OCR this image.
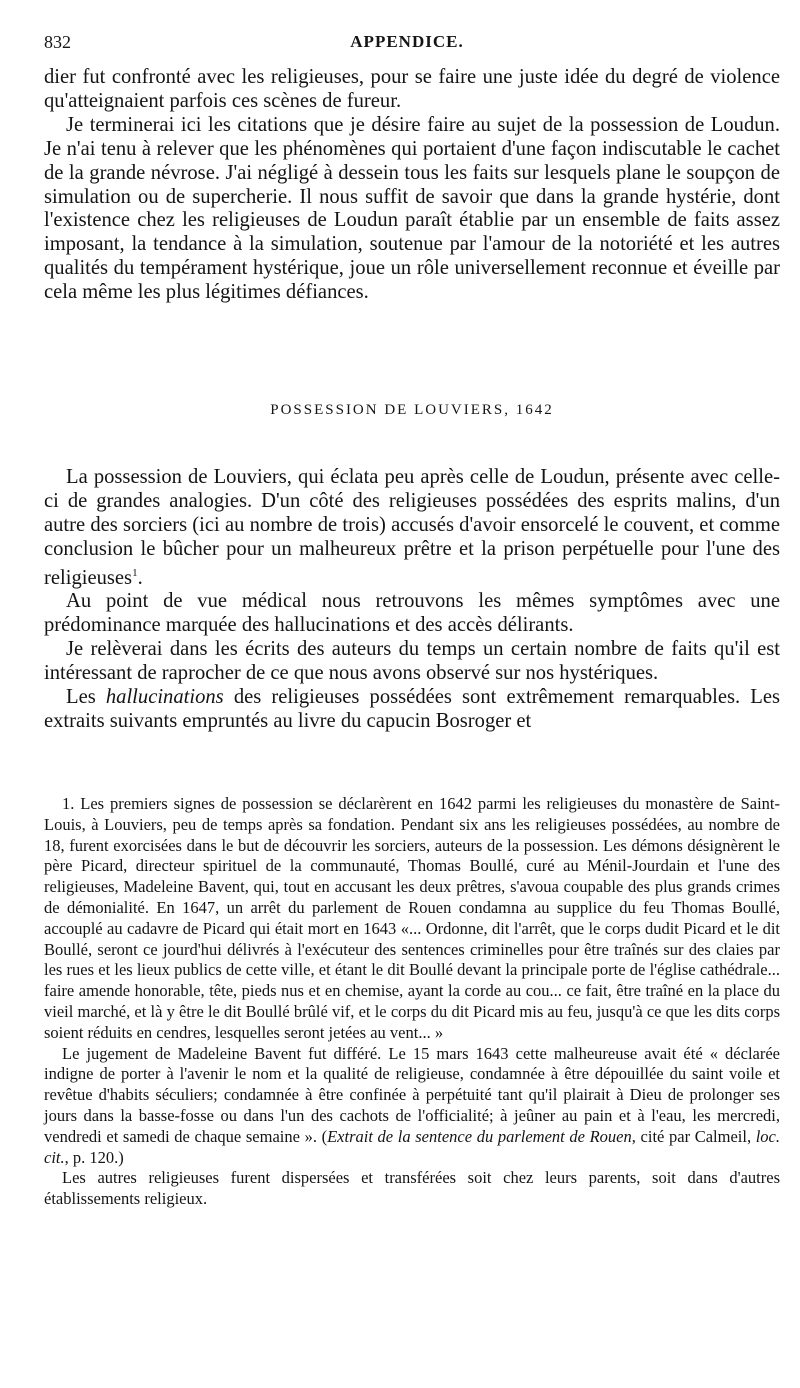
832	APPENDICE.

dier fut confronté avec les religieuses, pour se faire une juste idée du degré de violence qu'atteignaient parfois ces scènes de fureur.

Je terminerai ici les citations que je désire faire au sujet de la possession de Loudun. Je n'ai tenu à relever que les phénomènes qui portaient d'une façon indiscutable le cachet de la grande névrose. J'ai négligé à dessein tous les faits sur lesquels plane le soupçon de simulation ou de supercherie. Il nous suffit de savoir que dans la grande hystérie, dont l'existence chez les religieuses de Loudun paraît établie par un ensemble de faits assez imposant, la tendance à la simulation, soutenue par l'amour de la notoriété et les autres qualités du tempérament hystérique, joue un rôle universellement reconnue et éveille par cela même les plus légitimes défiances.

POSSESSION DE LOUVIERS, 1642

La possession de Louviers, qui éclata peu après celle de Loudun, présente avec celle-ci de grandes analogies. D'un côté des religieuses possédées des esprits malins, d'un autre des sorciers (ici au nombre de trois) accusés d'avoir ensorcelé le couvent, et comme conclusion le bûcher pour un malheureux prêtre et la prison perpétuelle pour l'une des religieuses$^1$.

Au point de vue médical nous retrouvons les mêmes symptômes avec une prédominance marquée des hallucinations et des accès délirants.

Je relèverai dans les écrits des auteurs du temps un certain nombre de faits qu'il est intéressant de raprocher de ce que nous avons observé sur nos hystériques.

Les hallucinations des religieuses possédées sont extrêmement remarquables. Les extraits suivants empruntés au livre du capucin Bosroger et

1. Les premiers signes de possession se déclarèrent en 1642 parmi les religieuses du monastère de Saint-Louis, à Louviers, peu de temps après sa fondation. Pendant six ans les religieuses possédées, au nombre de 18, furent exorcisées dans le but de découvrir les sorciers, auteurs de la possession. Les démons désignèrent le père Picard, directeur spirituel de la communauté, Thomas Boullé, curé au Ménil-Jourdain et l'une des religieuses, Madeleine Bavent, qui, tout en accusant les deux prêtres, s'avoua coupable des plus grands crimes de démonialité. En 1647, un arrêt du parlement de Rouen condamna au supplice du feu Thomas Boullé, accouplé au cadavre de Picard qui était mort en 1643 «... Ordonne, dit l'arrêt, que le corps dudit Picard et le dit Boullé, seront ce jourd'hui délivrés à l'exécuteur des sentences criminelles pour être traînés sur des claies par les rues et les lieux publics de cette ville, et étant le dit Boullé devant la principale porte de l'église cathédrale... faire amende honorable, tête, pieds nus et en chemise, ayant la corde au cou... ce fait, être traîné en la place du vieil marché, et là y être le dit Boullé brûlé vif, et le corps du dit Picard mis au feu, jusqu'à ce que les dits corps soient réduits en cendres, lesquelles seront jetées au vent... »

Le jugement de Madeleine Bavent fut différé. Le 15 mars 1643 cette malheureuse avait été « déclarée indigne de porter à l'avenir le nom et la qualité de religieuse, condamnée à être dépouillée du saint voile et revêtue d'habits séculiers; condamnée à être confinée à perpétuité tant qu'il plairait à Dieu de prolonger ses jours dans la basse-fosse ou dans l'un des cachots de l'officialité; à jeûner au pain et à l'eau, les mercredi, vendredi et samedi de chaque semaine ». (Extrait de la sentence du parlement de Rouen, cité par Calmeil, loc. cit., p. 120.)

Les autres religieuses furent dispersées et transférées soit chez leurs parents, soit dans d'autres établissements religieux.
